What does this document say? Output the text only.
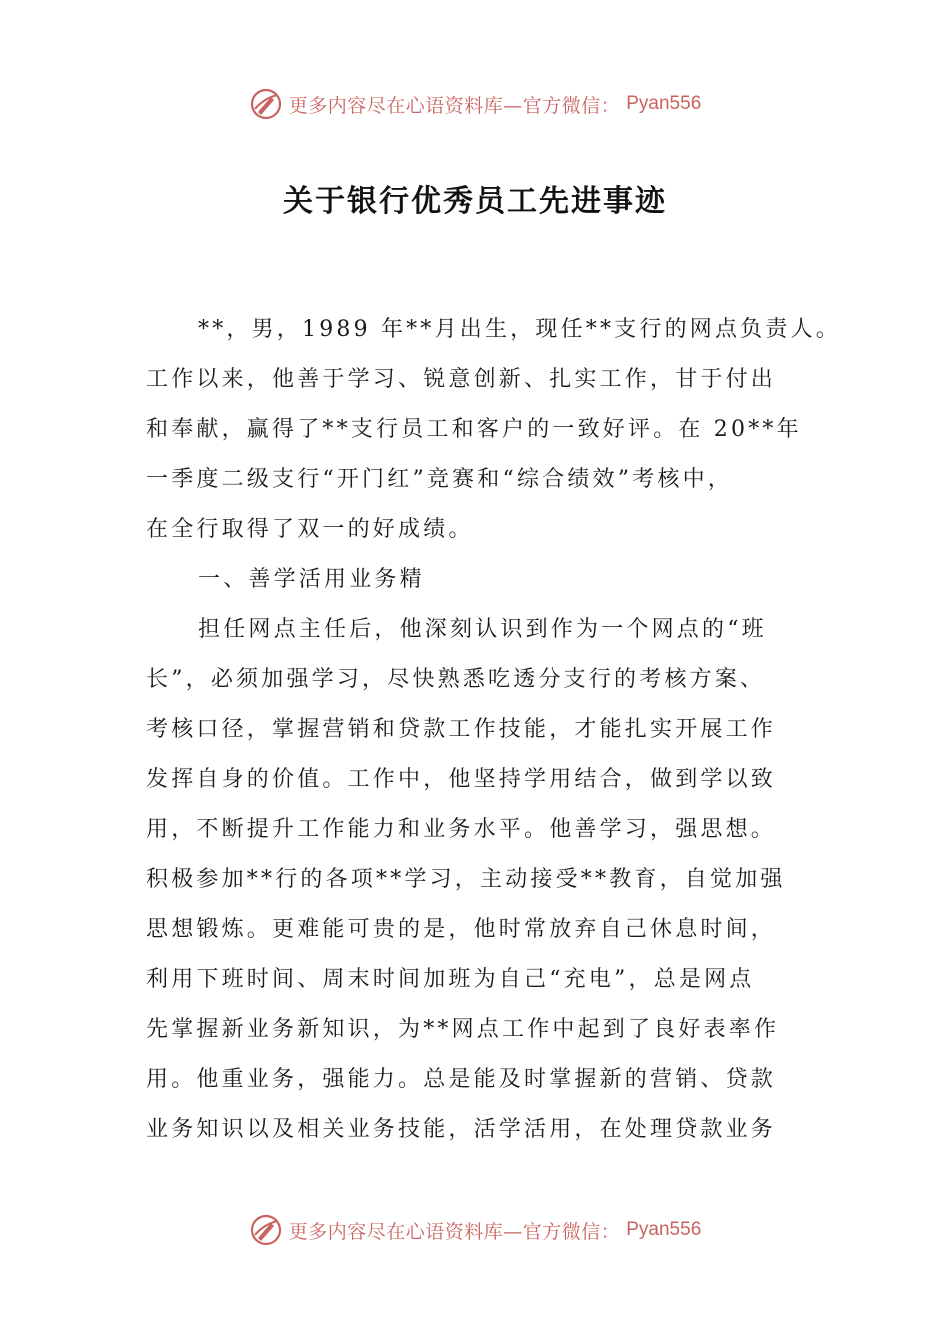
更多内容尽在心语资料库—官方微信： Pyan556
关于银行优秀员工先进事迹
**，男，1989 年**月出生，现任**支行的网点负责人。
工作以来，他善于学习、锐意创新、扎实工作，甘于付出
和奉献，赢得了**支行员工和客户的一致好评。在 20**年
一季度二级支行“开门红”竞赛和“综合绩效”考核中，
在全行取得了双一的好成绩。
一、善学活用业务精
担任网点主任后，他深刻认识到作为一个网点的“班
长”，必须加强学习，尽快熟悉吃透分支行的考核方案、
考核口径，掌握营销和贷款工作技能，才能扎实开展工作
发挥自身的价值。工作中，他坚持学用结合，做到学以致
用，不断提升工作能力和业务水平。他善学习，强思想。
积极参加**行的各项**学习，主动接受**教育，自觉加强
思想锻炼。更难能可贵的是，他时常放弃自己休息时间，
利用下班时间、周末时间加班为自己“充电”，总是网点
先掌握新业务新知识，为**网点工作中起到了良好表率作
用。他重业务，强能力。总是能及时掌握新的营销、贷款
业务知识以及相关业务技能，活学活用，在处理贷款业务
更多内容尽在心语资料库—官方微信： Pyan556
